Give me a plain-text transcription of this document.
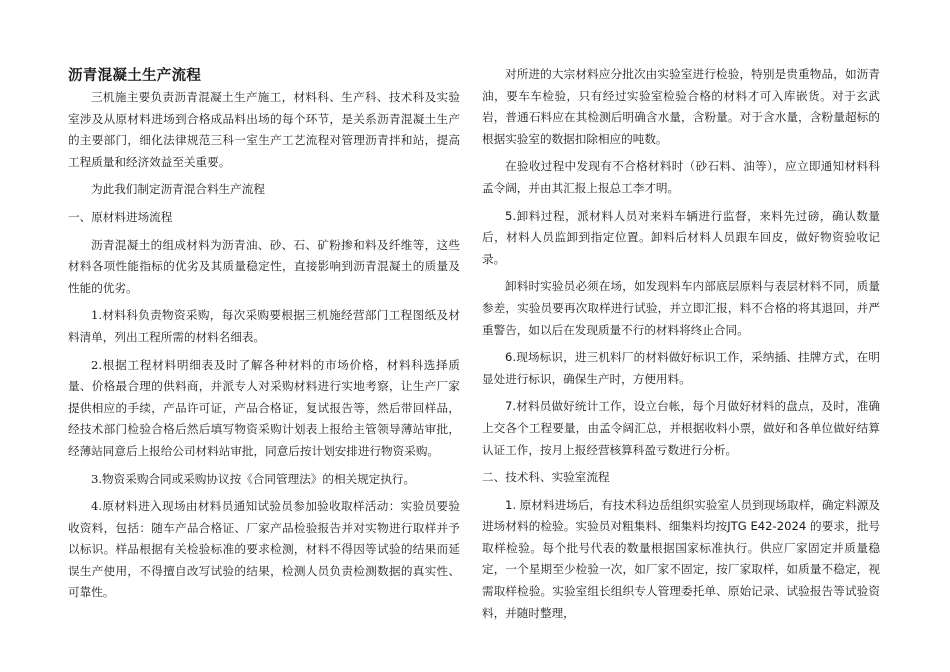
沥青混凝土生产流程

三机施主要负责沥青混凝土生产施工，材料科、生产科、技术科及实验室涉及从原材料进场到合格成品料出场的每个环节，是关系沥青混凝土生产的主要部门，细化法律规范三科一室生产工艺流程对管理沥青拌和站，提高工程质量和经济效益至关重要。

为此我们制定沥青混合料生产流程

一、原材料进场流程

沥青混凝土的组成材料为沥青油、砂、石、矿粉掺和料及纤维等，这些材料各项性能指标的优劣及其质量稳定性，直接影响到沥青混凝土的质量及性能的优劣。

1.材料科负责物资采购，每次采购要根据三机施经营部门工程图纸及材料清单，列出工程所需的材料名细表。

2.根据工程材料明细表及时了解各种材料的市场价格，材料科选择质量、价格最合理的供料商，并派专人对采购材料进行实地考察，让生产厂家提供相应的手续，产品许可证，产品合格证，复试报告等，然后带回样品，经技术部门检验合格后然后填写物资采购计划表上报给主管领导薄站审批，经薄站同意后上报给公司材料站审批，同意后按计划安排进行物资采购。

3.物资采购合同或采购协议按《合同管理法》的相关规定执行。

4.原材料进入现场由材料员通知试验员参加验收取样活动：实验员要验收资料，包括：随车产品合格证、厂家产品检验报告并对实物进行取样并予以标识。样品根据有关检验标准的要求检测，材料不得因等试验的结果而延误生产使用，不得擅自改写试验的结果，检测人员负责检测数据的真实性、可靠性。

对所进的大宗材料应分批次由实验室进行检验，特别是贵重物品，如沥青油，要车车检验，只有经过实验室检验合格的材料才可入库嵌货。对于玄武岩，普通石料应在其检测后明确含水量，含粉量。对于含水量，含粉量超标的根据实验室的数据扣除相应的吨数。

在验收过程中发现有不合格材料时（砂石料、油等），应立即通知材料科孟令阔，并由其汇报上报总工李才明。

5.卸料过程，派材料人员对来料车辆进行监督，来料先过磅，确认数量后，材料人员监卸到指定位置。卸料后材料人员跟车回皮，做好物资验收记录。

卸料时实验员必须在场，如发现料车内部底层原料与表层材料不同，质量参差，实验员要再次取样进行试验，并立即汇报，料不合格的将其退回，并严重警告，如以后在发现质量不行的材料将终止合同。

6.现场标识，进三机料厂的材料做好标识工作，采纳插、挂牌方式，在明显处进行标识，确保生产时，方便用料。

7.材料员做好统计工作，设立台帐，每个月做好材料的盘点，及时，准确上交各个工程要量，由孟令阔汇总，并根据收料小票，做好和各单位做好结算认证工作，按月上报经营核算科盈亏数进行分析。

二、技术科、实验室流程

1. 原材料进场后，有技术科边岳组织实验室人员到现场取样，确定料源及进场材料的检验。实验员对粗集料、细集料均按JTG E42-2024 的要求，批号取样检验。每个批号代表的数量根据国家标准执行。供应厂家固定并质量稳定，一个星期至少检验一次，如厂家不固定，按厂家取样，如质量不稳定，视需取样检验。实验室组长组织专人管理委托单、原始记录、试验报告等试验资料，并随时整理，
